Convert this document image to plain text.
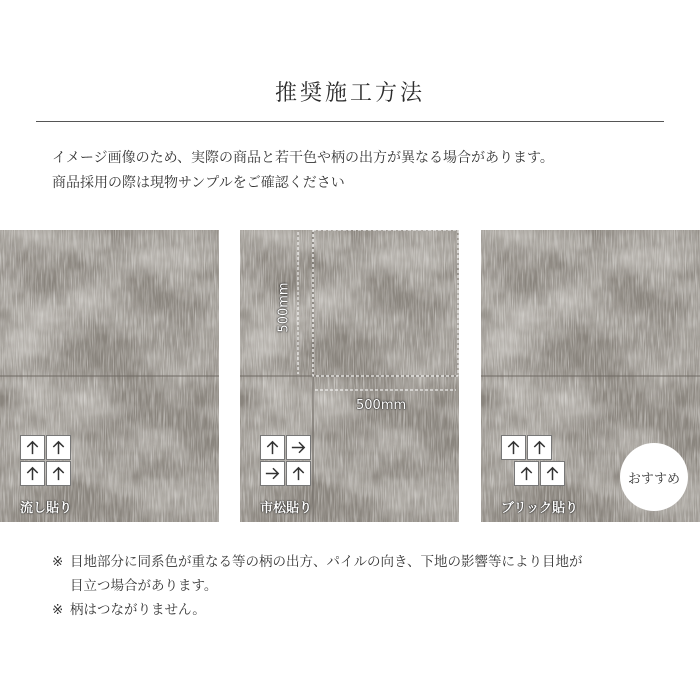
推奨施工方法
イメージ画像のため、実際の商品と若干色や柄の出方が異なる場合があります。
商品採用の際は現物サンプルをご確認ください
流し貼り
500mm
500mm
市松貼り	ブリック貼り
おすすめ
※ 目地部分に同系色が重なる等の柄の出方、パイルの向き、下地の影響等により目地が
目立つ場合があります。
※ 柄はつながりません。
